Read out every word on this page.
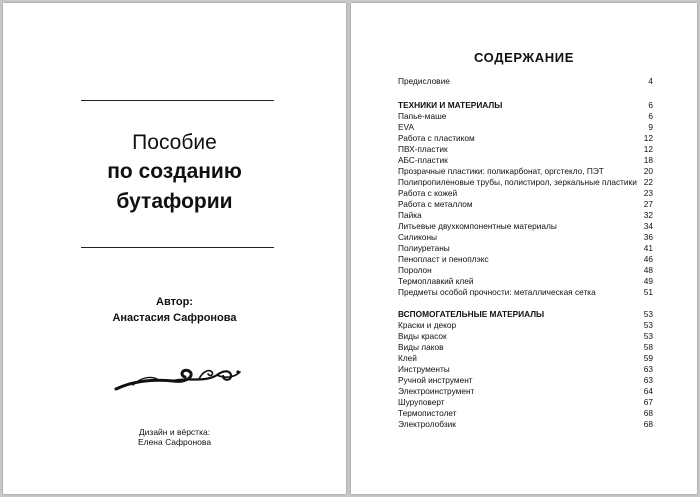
Пособие
по созданию
бутафории
Автор:
Анастасия Сафронова
Дизайн и вёрстка:
Елена Сафронова
СОДЕРЖАНИЕ
Предисловие	4
ТЕХНИКИ И МАТЕРИАЛЫ	6
Папье-маше	6
EVA	9
Работа с пластиком	12
ПВХ-пластик	12
АБС-пластик	18
Прозрачные пластики: поликарбонат, оргстекло, ПЭТ	20
Полипропиленовые трубы, полистирол, зеркальные пластики 22
Работа с кожей	23
Работа с металлом	27
Пайка	32
Литьевые двухкомпонентные материалы	34
Силиконы	36
Полиуретаны	41
Пенопласт и пеноплэкс	46
Поролон	48
Термоплавкий клей	49
Предметы особой прочности: металлическая сетка	51
ВСПОМОГАТЕЛЬНЫЕ МАТЕРИАЛЫ	53
Краски и декор	53
Виды красок	53
Виды лаков	58
Клей	59
Инструменты	63
Ручной инструмент	63
Электроинструмент	64
Шуруповерт	67
Термопистолет	68
Электролобзик	68
